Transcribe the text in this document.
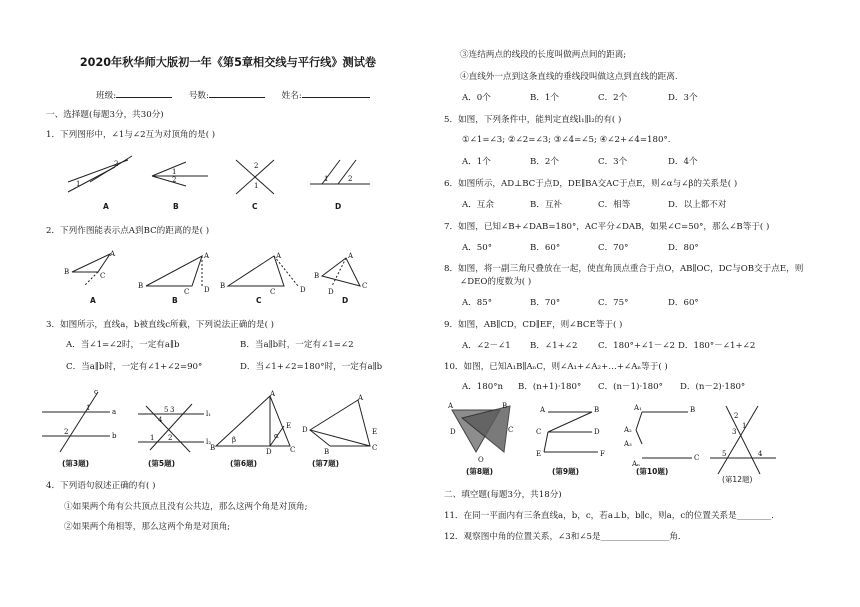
2020年秋华师大版初一年《第5章相交线与平行线》测试卷
班级:	号数:	姓名:
一、选择题(每题3分，共30分)
1．下列图形中，∠1与∠2互为对顶角的是( )
1
2
1
2
2
1
1	2
A	B	C	D
2．下列作图能表示点A到BC的距离的是( )
B
A
C
B
A
C D B
A
C	D
B
A
C
D
A	B	C	D
3．如图所示，直线a，b被直线c所截，下列说法正确的是( )
A．当∠1=∠2时，一定有a∥b	B．当a∥b时，一定有∠1=∠2
C．当a∥b时，一定有∠1+∠2=90°	D．当∠1+∠2=180°时，一定有a∥b
a
b
c
1
2
l₁
l₂
5 3
4
2
1
A
B	D	C
E
β	α
A
D
B	C
E
(第3题)	(第5题)	(第6题)	(第7题)
4．下列语句叙述正确的有( )
①如果两个角有公共顶点且没有公共边，那么这两个角是对顶角;
②如果两个角相等，那么这两个角是对顶角;
③连结两点的线段的长度叫做两点间的距离;
④直线外一点到这条直线的垂线段叫做这点到直线的距离.
A．0个	B．1个	C．2个	D．3个
5．如图，下列条件中，能判定直线l₁∥l₂的有( )
①∠1=∠3; ②∠2=∠3; ③∠4=∠5; ④∠2+∠4=180°.
A．1个	B．2个	C．3个	D．4个
6．如图所示，AD⊥BC于点D，DE∥BA交AC于点E，则∠α与∠β的关系是( )
A．互余	B．互补	C．相等	D．以上都不对
7．如图，已知∠B+∠DAB=180°，AC平分∠DAB，如果∠C=50°，那么∠B等于( )
A．50°	B．60°	C．70°	D．80°
8．如图，将一副三角尺叠放在一起，使直角顶点重合于点O，AB∥OC，DC与OB交于点E，则
∠DEO的度数为( )
A．85°	B．70°	C．75°	D．60°
9．如图，AB∥CD，CD∥EF，则∠BCE等于( )
A．∠2－∠1 B．∠1+∠2 C．180°+∠1－∠2 D．180°－∠1+∠2
10．如图，已知A₁B∥AₙC，则∠A₁+∠A₂+…+∠Aₙ等于( )
A．180°n B．(n+1)·180° C．(n－1)·180° D．(n－2)·180°
A	B
D	C
O
A	B
C	D
E	F
A₁	B
A₂
A₃
Aₙ
C
2
1
3
5	4
(第8题)	(第9题)	(第10题)
(第12题)
二、填空题(每题3分，共18分)
11．在同一平面内有三条直线a，b，c，若a⊥b，b∥c，则a，c的位置关系是________．
12．观察图中角的位置关系，∠3和∠5是________________角．
